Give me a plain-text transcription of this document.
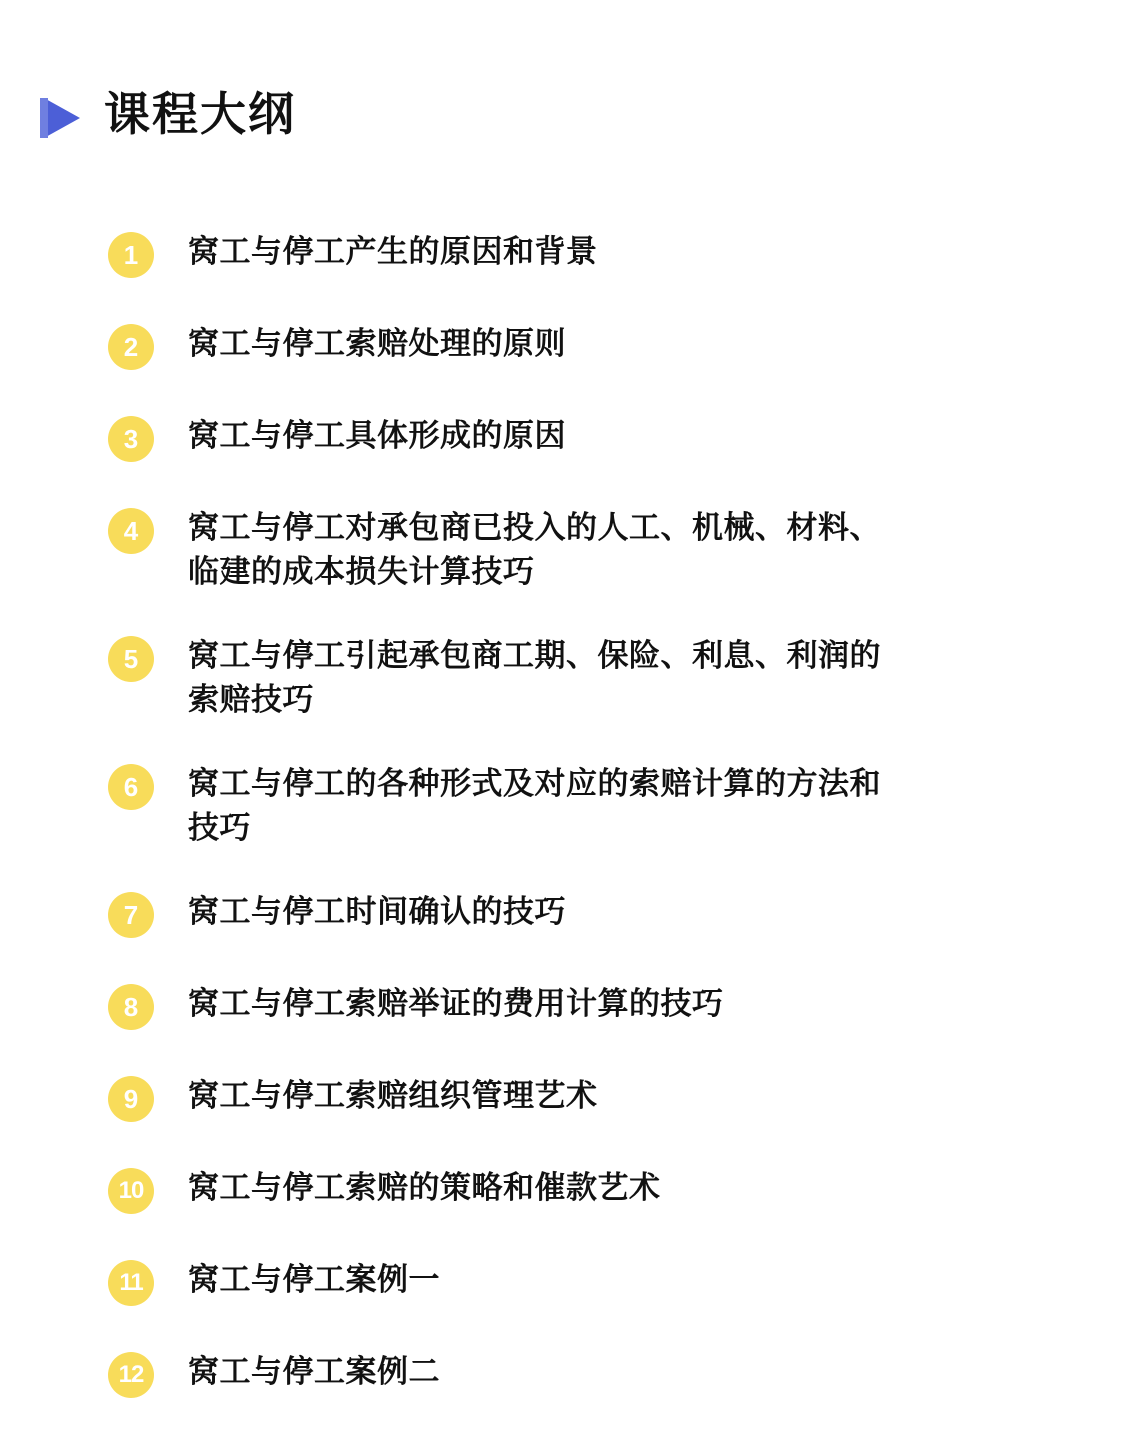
课程大纲
1	窝工与停工产生的原因和背景
2	窝工与停工索赔处理的原则
3	窝工与停工具体形成的原因
4	窝工与停工对承包商已投入的人工、机械、材料、临建的成本损失计算技巧
5	窝工与停工引起承包商工期、保险、利息、利润的索赔技巧
6	窝工与停工的各种形式及对应的索赔计算的方法和技巧
7	窝工与停工时间确认的技巧
8	窝工与停工索赔举证的费用计算的技巧
9	窝工与停工索赔组织管理艺术
10	窝工与停工索赔的策略和催款艺术
11	窝工与停工案例一
12	窝工与停工案例二
